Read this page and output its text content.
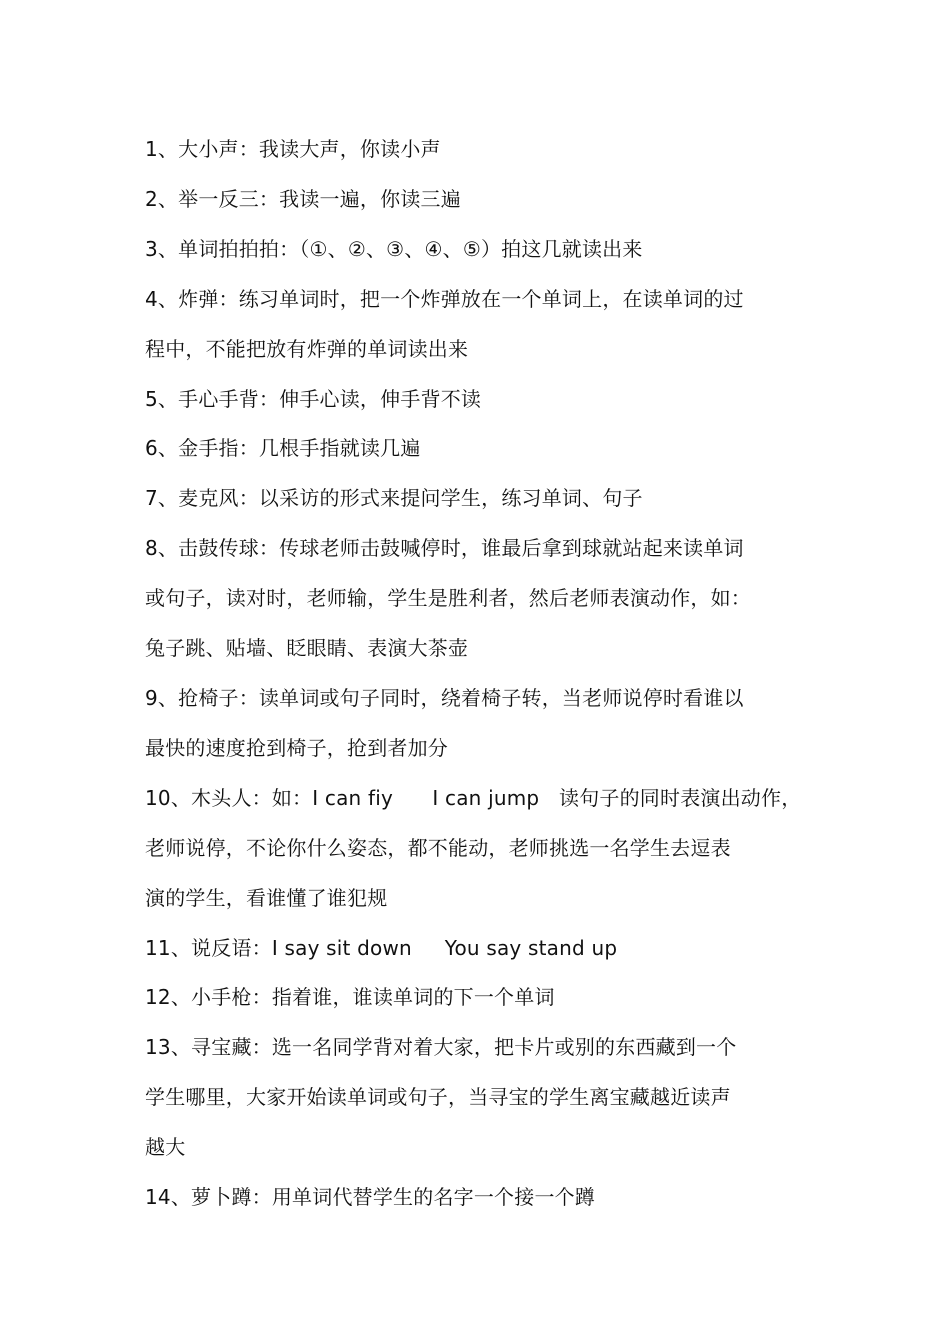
1、大小声：我读大声，你读小声
2、举一反三：我读一遍，你读三遍
3、单词拍拍拍：（①、②、③、④、⑤）拍这几就读出来
4、炸弹：练习单词时，把一个炸弹放在一个单词上，在读单词的过
程中，不能把放有炸弹的单词读出来
5、手心手背：伸手心读，伸手背不读
6、金手指：几根手指就读几遍
7、麦克风：以采访的形式来提问学生，练习单词、句子
8、击鼓传球：传球老师击鼓喊停时，谁最后拿到球就站起来读单词
或句子，读对时，老师输，学生是胜利者，然后老师表演动作，如：
兔子跳、贴墙、眨眼睛、表演大茶壶
9、抢椅子：读单词或句子同时，绕着椅子转，当老师说停时看谁以
最快的速度抢到椅子，抢到者加分
10、木头人：如：I can fiy      I can jump   读句子的同时表演出动作，
老师说停，不论你什么姿态，都不能动，老师挑选一名学生去逗表
演的学生，看谁懂了谁犯规
11、说反语：I say sit down     You say stand up
12、小手枪：指着谁，谁读单词的下一个单词
13、寻宝藏：选一名同学背对着大家，把卡片或别的东西藏到一个
学生哪里，大家开始读单词或句子，当寻宝的学生离宝藏越近读声
越大
14、萝卜蹲：用单词代替学生的名字一个接一个蹲
